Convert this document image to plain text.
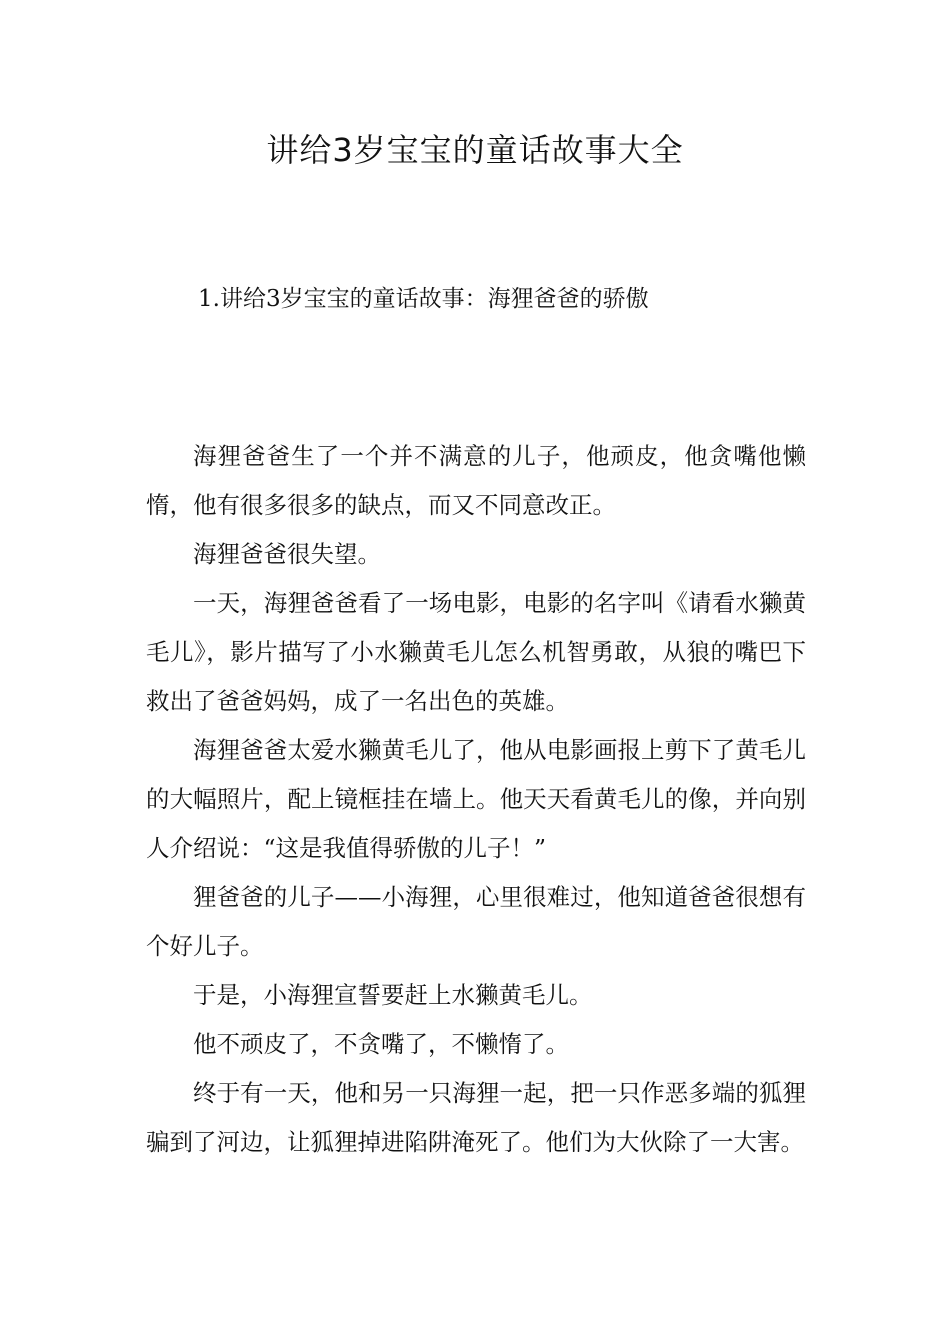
讲给3岁宝宝的童话故事大全
1.讲给3岁宝宝的童话故事：海狸爸爸的骄傲

海狸爸爸生了一个并不满意的儿子，他顽皮，他贪嘴他懒惰，他有很多很多的缺点，而又不同意改正。

海狸爸爸很失望。

一天，海狸爸爸看了一场电影，电影的名字叫《请看水獭黄毛儿》，影片描写了小水獭黄毛儿怎么机智勇敢，从狼的嘴巴下救出了爸爸妈妈，成了一名出色的英雄。

海狸爸爸太爱水獭黄毛儿了，他从电影画报上剪下了黄毛儿的大幅照片，配上镜框挂在墙上。他天天看黄毛儿的像，并向别人介绍说：“这是我值得骄傲的儿子！”

狸爸爸的儿子——小海狸，心里很难过，他知道爸爸很想有个好儿子。

于是，小海狸宣誓要赶上水獭黄毛儿。

他不顽皮了，不贪嘴了，不懒惰了。

终于有一天，他和另一只海狸一起，把一只作恶多端的狐狸骗到了河边，让狐狸掉进陷阱淹死了。他们为大伙除了一大害。
